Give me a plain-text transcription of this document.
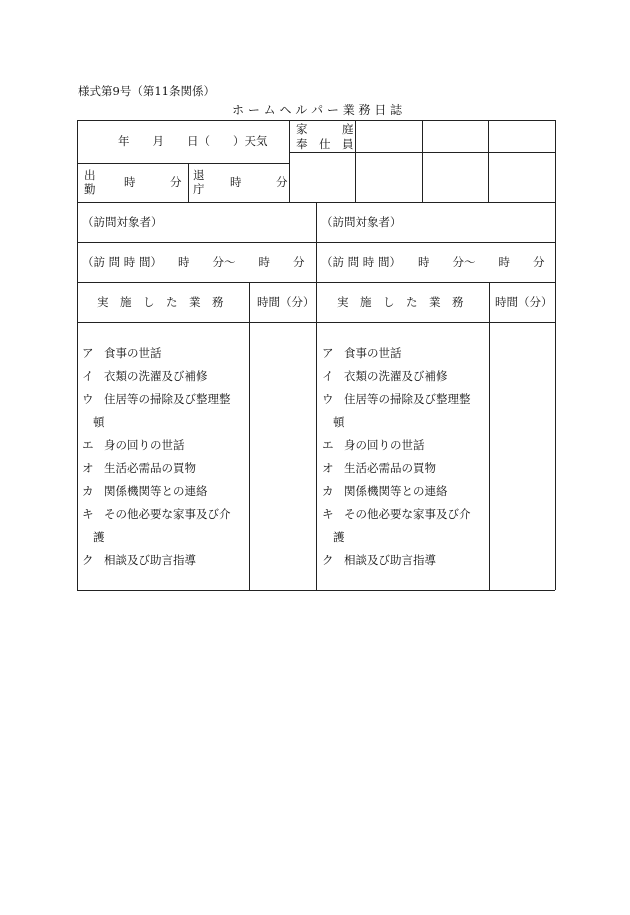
様式第9号（第11条関係）
ホ ー ム ヘ ル パ ー 業 務 日 誌
年　　月　　日（　　）天気
家　　　庭
奉　仕　員
出
勤 時　　　分 退
庁 時　　　分
（訪問対象者）
（訪 問 時 間） 時　　分～　　時　　分
実　施　し　た　業　務	時間（分）
（訪問対象者）
（訪 問 時 間） 時　　分～　　時　　分
実　施　し　た　業　務	時間（分）
ア 食事の世話
イ 衣類の洗濯及び補修
ウ 住居等の掃除及び整理整
頓
エ 身の回りの世話
オ 生活必需品の買物
カ 関係機関等との連絡
キ その他必要な家事及び介
護
ク 相談及び助言指導
ア 食事の世話
イ 衣類の洗濯及び補修
ウ 住居等の掃除及び整理整
頓
エ 身の回りの世話
オ 生活必需品の買物
カ 関係機関等との連絡
キ その他必要な家事及び介
護
ク 相談及び助言指導
